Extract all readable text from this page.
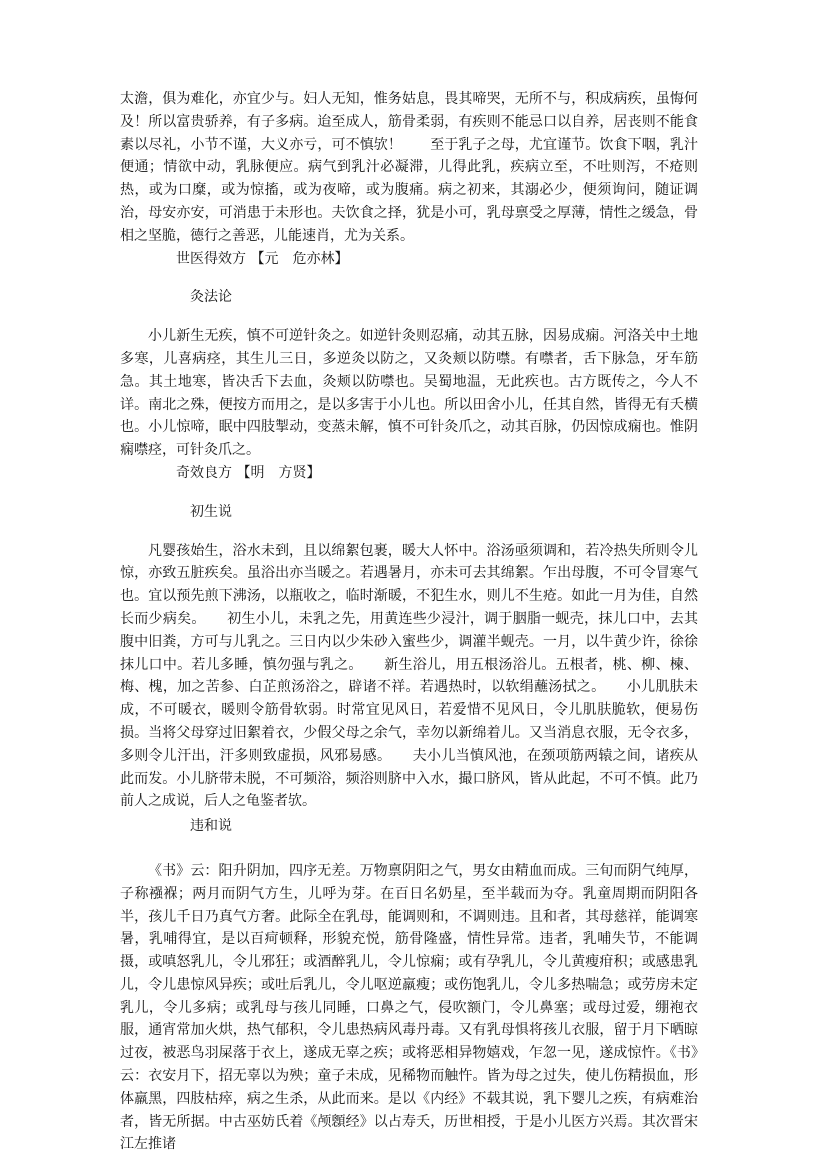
太澹，俱为难化，亦宜少与。妇人无知，惟务姑息，畏其啼哭，无所不与，积成病疾，虽悔何及！所以富贵骄养，有子多病。迨至成人，筋骨柔弱，有疾则不能忌口以自养，居丧则不能食素以尽礼，小节不谨，大义亦亏，可不慎欤！　　至于乳子之母，尤宜谨节。饮食下咽，乳汁便通；情欲中动，乳脉便应。病气到乳汁必凝滞，儿得此乳，疾病立至，不吐则泻，不疮则热，或为口糜，或为惊搐，或为夜啼，或为腹痛。病之初来，其溺必少，便须询问，随证调治，母安亦安，可消患于未形也。夫饮食之择，犹是小可，乳母禀受之厚薄，情性之缓急，骨相之坚脆，德行之善恶，儿能速肖，尤为关系。

世医得效方 【元　危亦林】

灸法论

小儿新生无疾，慎不可逆针灸之。如逆针灸则忍痛，动其五脉，因易成痫。河洛关中土地多寒，儿喜病痉，其生儿三日，多逆灸以防之，又灸颊以防噤。有噤者，舌下脉急，牙车筋急。其土地寒，皆决舌下去血，灸颊以防噤也。吴蜀地温，无此疾也。古方既传之，今人不详。南北之殊，便按方而用之，是以多害于小儿也。所以田舍小儿，任其自然，皆得无有夭横也。小儿惊啼，眠中四肢掣动，变蒸未解，慎不可针灸爪之，动其百脉，仍因惊成痫也。惟阴痫噤痉，可针灸爪之。

奇效良方 【明　方贤】

初生说

凡婴孩始生，浴水未到，且以绵絮包裹，暖大人怀中。浴汤亟须调和，若冷热失所则令儿惊，亦致五脏疾矣。虽浴出亦当暖之。若遇暑月，亦未可去其绵絮。乍出母腹，不可令冒寒气也。宜以预先煎下沸汤，以瓶收之，临时渐暖，不犯生水，则儿不生疮。如此一月为佳，自然长而少病矣。　　初生小儿，未乳之先，用黄连些少浸汁，调于胭脂一蚬壳，抹儿口中，去其腹中旧粪，方可与儿乳之。三日内以少朱砂入蜜些少，调灌半蚬壳。一月，以牛黄少许，徐徐抹儿口中。若儿多睡，慎勿强与乳之。　　新生浴儿，用五根汤浴儿。五根者，桃、柳、楝、梅、槐，加之苦参、白芷煎汤浴之，辟诸不祥。若遇热时，以软绢蘸汤拭之。　　小儿肌肤未成，不可暖衣，暖则令筋骨软弱。时常宜见风日，若爱惜不见风日，令儿肌肤脆软，便易伤损。当将父母穿过旧絮着衣，少假父母之余气，幸勿以新绵着儿。又当消息衣服，无令衣多，多则令儿汗出，汗多则致虚损，风邪易感。　　夫小儿当慎风池，在颈项筋两辕之间，诸疾从此而发。小儿脐带未脱，不可频浴，频浴则脐中入水，撮口脐风，皆从此起，不可不慎。此乃前人之成说，后人之龟鉴者欤。

违和说

《书》云：阳升阴加，四序无差。万物禀阴阳之气，男女由精血而成。三旬而阴气纯厚，子称襁褓；两月而阴气方生，儿呼为芽。在百日名奶星，至半载而为夺。乳童周期而阴阳各半，孩儿千日乃真气方奢。此际全在乳母，能调则和，不调则违。且和者，其母慈祥，能调寒暑，乳哺得宜，是以百疴顿释，形貌充悦，筋骨隆盛，情性异常。违者，乳哺失节，不能调摄，或嗔怒乳儿，令儿邪狂；或酒醉乳儿，令儿惊痫；或有孕乳儿，令儿黄瘦疳积；或感患乳儿，令儿患惊风异疾；或吐后乳儿，令儿呕逆羸瘦；或伤饱乳儿，令儿多热喘急；或劳房未定乳儿，令儿多病；或乳母与孩儿同睡，口鼻之气，侵吹额门，令儿鼻塞；或母过爱，绷袍衣服，通宵常加火烘，热气郁积，令儿患热病风毒丹毒。又有乳母惧将孩儿衣服，留于月下晒晾过夜，被恶鸟羽屎落于衣上，遂成无辜之疾；或将恶相异物嬉戏，乍忽一见，遂成惊忤。《书》云：衣安月下，招无辜以为殃；童子未成，见稀物而触忤。皆为母之过失，使儿伤精损血，形体羸黑，四肢枯瘁，病之生杀，从此而来。是以《内经》不载其说，乳下婴儿之疾，有病难治者，皆无所据。中古巫妨氏着《颅顖经》以占寿夭，历世相授，于是小儿医方兴焉。其次晋宋江左推诸
